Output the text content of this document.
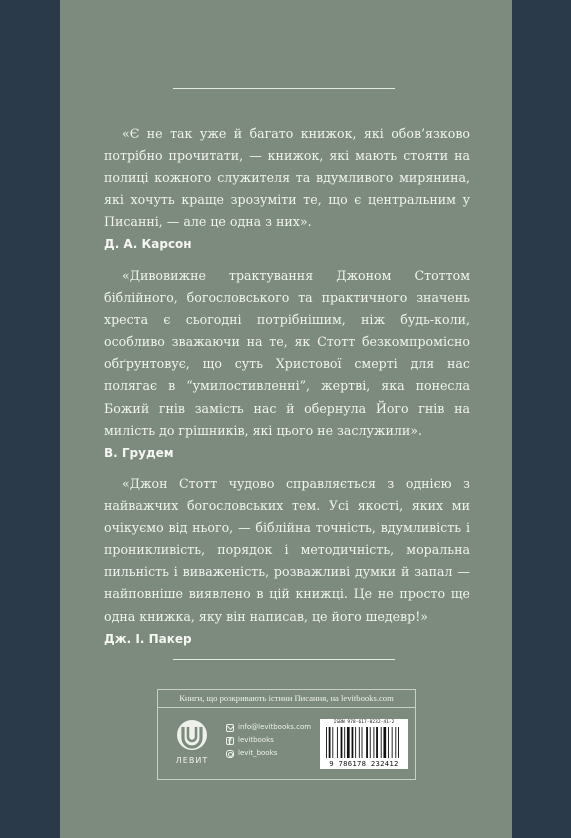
«Є не так уже й багато книжок, які обов’язково потрібно прочитати, — книжок, які мають стояти на полиці кожного служителя та вдумливого мирянина, які хочуть краще зрозуміти те, що є центральним у Писанні, — але це одна з них».

Д. А. Карсон

«Дивовижне трактування Джоном Стоттом біблійного, богословського та практичного значень хреста є сьогодні потрібнішим, ніж будь-коли, особливо зважаючи на те, як Стотт безкомпромісно обґрунтовує, що суть Христової смерті для нас полягає в “умилостивленні”, жертві, яка понесла Божий гнів замість нас й обернула Його гнів на милість до грішників, які цього не заслужили».

В. Грудем

«Джон Стотт чудово справляється з однією з найважчих богословських тем. Усі якості, яких ми очікуємо від нього, — біблійна точність, вдумливість і проникливість, порядок і методичність, моральна пильність і виваженість, розважливі думки й запал — найповніше виявлено в цій книжці. Це не просто ще одна книжка, яку він написав, це його шедевр!»

Дж. І. Пакер
Книги, що розкривають істини Писання, на levitbooks.com
ЛЕВИТ
info@levitbooks.com
f
levitbooks
levit_books
ISBN 978-617-8232-41-2
9 786178 232412
